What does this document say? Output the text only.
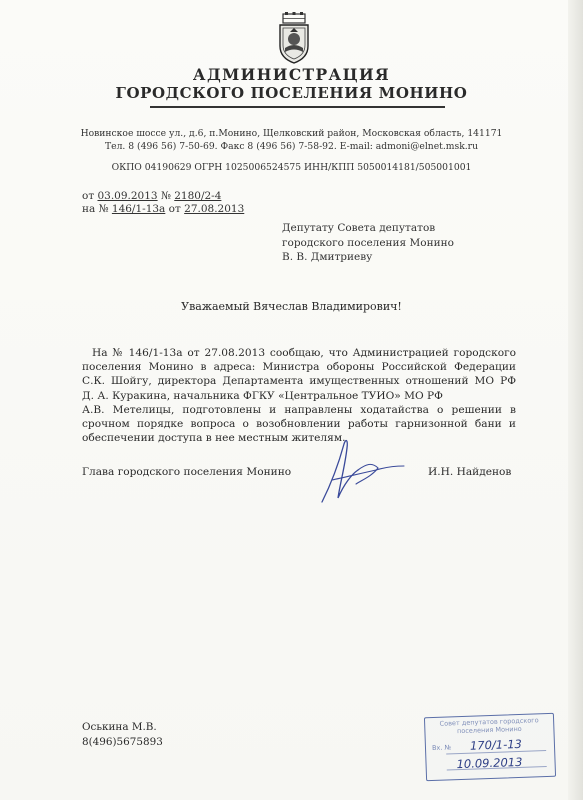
АДМИНИСТРАЦИЯ
ГОРОДСКОГО ПОСЕЛЕНИЯ МОНИНО
Новинское шоссе ул., д.6, п.Монино, Щелковский район, Московская область, 141171
Тел. 8 (496 56) 7-50-69. Факс 8 (496 56) 7-58-92. E-mail: admoni@elnet.msk.ru
ОКПО 04190629 ОГРН 1025006524575 ИНН/КПП 5050014181/505001001
от 03.09.2013 № 2180/2-4
на № 146/1-13а от 27.08.2013
Депутату Совета депутатов
городского поселения Монино
В. В. Дмитриеву
Уважаемый Вячеслав Владимирович!
На № 146/1-13а от 27.08.2013 сообщаю, что Администрацией городского
поселения Монино в адреса: Министра обороны Российской Федерации
С.К. Шойгу, директора Департамента имущественных отношений МО РФ
Д. А. Куракина, начальника ФГКУ «Центральное ТУИО» МО РФ
А.В. Метелицы, подготовлены и направлены ходатайства о решении в
срочном порядке вопроса о возобновлении работы гарнизонной бани и
обеспечении доступа в нее местным жителям.
Глава городского поселения Монино	И.Н. Найденов
Оськина М.В.
8(496)5675893
Совет депутатов городского поселения Монино
Вх. № 170/1-13
10.09.2013
